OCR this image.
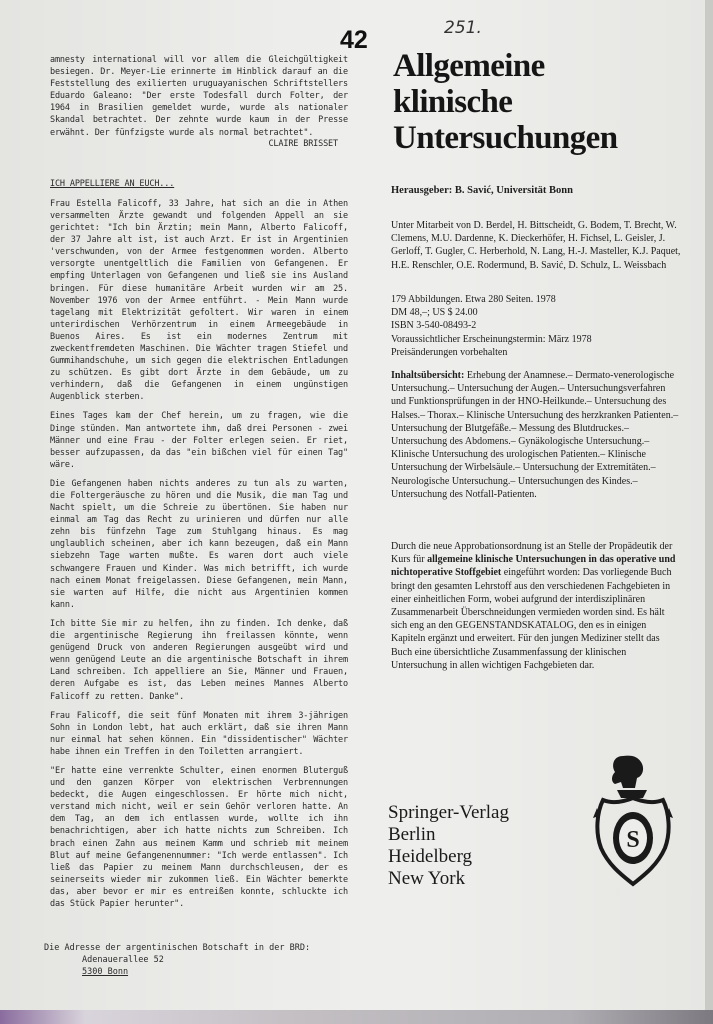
42	251.

amnesty international will vor allem die Gleichgültigkeit besiegen. Dr. Meyer-Lie erinnerte im Hinblick darauf an die Feststellung des exilierten uruguayanischen Schriftstellers Eduardo Galeano: "Der erste Todesfall durch Folter, der 1964 in Brasilien gemeldet wurde, wurde als nationaler Skandal betrachtet. Der zehnte wurde kaum in der Presse erwähnt. Der fünfzigste wurde als normal betrachtet".

CLAIRE BRISSET

ICH APPELLIERE AN EUCH...

Frau Estella Falicoff, 33 Jahre, hat sich an die in Athen versammelten Ärzte gewandt und folgenden Appell an sie gerichtet: "Ich bin Ärztin; mein Mann, Alberto Falicoff, der 37 Jahre alt ist, ist auch Arzt. Er ist in Argentinien 'verschwunden, von der Armee festgenommen worden. Alberto versorgte unentgeltlich die Familien von Gefangenen. Er empfing Unterlagen von Gefangenen und ließ sie ins Ausland bringen. Für diese humanitäre Arbeit wurden wir am 25. November 1976 von der Armee entführt. - Mein Mann wurde tagelang mit Elektrizität gefoltert. Wir waren in einem unterirdischen Verhörzentrum in einem Armeegebäude in Buenos Aires. Es ist ein modernes Zentrum mit zweckentfremdeten Maschinen. Die Wächter tragen Stiefel und Gummihandschuhe, um sich gegen die elektrischen Entladungen zu schützen. Es gibt dort Ärzte in dem Gebäude, um zu verhindern, daß die Gefangenen in einem ungünstigen Augenblick sterben.

Eines Tages kam der Chef herein, um zu fragen, wie die Dinge stünden. Man antwortete ihm, daß drei Personen - zwei Männer und eine Frau - der Folter erlegen seien. Er riet, besser aufzupassen, da das "ein bißchen viel für einen Tag" wäre.

Die Gefangenen haben nichts anderes zu tun als zu warten, die Foltergeräusche zu hören und die Musik, die man Tag und Nacht spielt, um die Schreie zu übertönen. Sie haben nur einmal am Tag das Recht zu urinieren und dürfen nur alle zehn bis fünfzehn Tage zum Stuhlgang hinaus. Es mag unglaublich scheinen, aber ich kann bezeugen, daß ein Mann siebzehn Tage warten mußte. Es waren dort auch viele schwangere Frauen und Kinder. Was mich betrifft, ich wurde nach einem Monat freigelassen. Diese Gefangenen, mein Mann, sie warten auf Hilfe, die nicht aus Argentinien kommen kann.

Ich bitte Sie mir zu helfen, ihn zu finden. Ich denke, daß die argentinische Regierung ihn freilassen könnte, wenn genügend Druck von anderen Regierungen ausgeübt wird und wenn genügend Leute an die argentinische Botschaft in ihrem Land schreiben. Ich appelliere an Sie, Männer und Frauen, deren Aufgabe es ist, das Leben meines Mannes Alberto Falicoff zu retten. Danke".

Frau Falicoff, die seit fünf Monaten mit ihrem 3-jährigen Sohn in London lebt, hat auch erklärt, daß sie ihren Mann nur einmal hat sehen können. Ein "dissidentischer" Wächter habe ihnen ein Treffen in den Toiletten arrangiert.

"Er hatte eine verrenkte Schulter, einen enormen Bluterguß und den ganzen Körper von elektrischen Verbrennungen bedeckt, die Augen eingeschlossen. Er hörte mich nicht, verstand mich nicht, weil er sein Gehör verloren hatte. An dem Tag, an dem ich entlassen wurde, wollte ich ihn benachrichtigen, aber ich hatte nichts zum Schreiben. Ich brach einen Zahn aus meinem Kamm und schrieb mit meinem Blut auf meine Gefangenennummer: "Ich werde entlassen". Ich ließ das Papier zu meinem Mann durchschleusen, der es seinerseits wieder mir zukommen ließ. Ein Wächter bemerkte das, aber bevor er mir es entreißen konnte, schluckte ich das Stück Papier herunter".

Die Adresse der argentinischen Botschaft in der BRD:
Adenauerallee 52
5300 Bonn
Allgemeine
klinische
Untersuchungen
Herausgeber: B. Savić, Universität Bonn
Unter Mitarbeit von D. Berdel, H. Bittscheidt, G. Bodem, T. Brecht, W. Clemens, M.U. Dardenne, K. Dieckerhöfer, H. Fichsel, L. Geisler, J. Gerloff, T. Gugler, C. Herberhold, N. Lang, H.-J. Masteller, K.J. Paquet, H.E. Renschler, O.E. Rodermund, B. Savić, D. Schulz, L. Weissbach

179 Abbildungen. Etwa 280 Seiten. 1978

DM 48,–; US $ 24.00

ISBN 3-540-08493-2

Voraussichtlicher Erscheinungstermin: März 1978

Preisänderungen vorbehalten

Inhaltsübersicht: Erhebung der Anamnese.– Dermato-venerologische Untersuchung.– Untersuchung der Augen.– Untersuchungsverfahren und Funktionsprüfungen in der HNO-Heilkunde.– Untersuchung des Halses.– Thorax.– Klinische Untersuchung des herzkranken Patienten.– Untersuchung der Blutgefäße.– Messung des Blutdruckes.– Untersuchung des Abdomens.– Gynäkologische Untersuchung.– Klinische Untersuchung des urologischen Patienten.– Klinische Untersuchung der Wirbelsäule.– Untersuchung der Extremitäten.– Neurologische Untersuchung.– Untersuchungen des Kindes.– Untersuchung des Notfall-Patienten.

Durch die neue Approbationsordnung ist an Stelle der Propädeutik der Kurs für allgemeine klinische Untersuchungen in das operative und nichtoperative Stoffgebiet eingeführt worden: Das vorliegende Buch bringt den gesamten Lehrstoff aus den verschiedenen Fachgebieten in einer einheitlichen Form, wobei aufgrund der interdisziplinären Zusammenarbeit Überschneidungen vermieden worden sind. Es hält sich eng an den GEGENSTANDSKATALOG, den es in einigen Kapiteln ergänzt und erweitert. Für den jungen Mediziner stellt das Buch eine übersichtliche Zusammenfassung der klinischen Untersuchung in allen wichtigen Fachgebieten dar.

Springer-Verlag
Berlin
Heidelberg
New York
S
